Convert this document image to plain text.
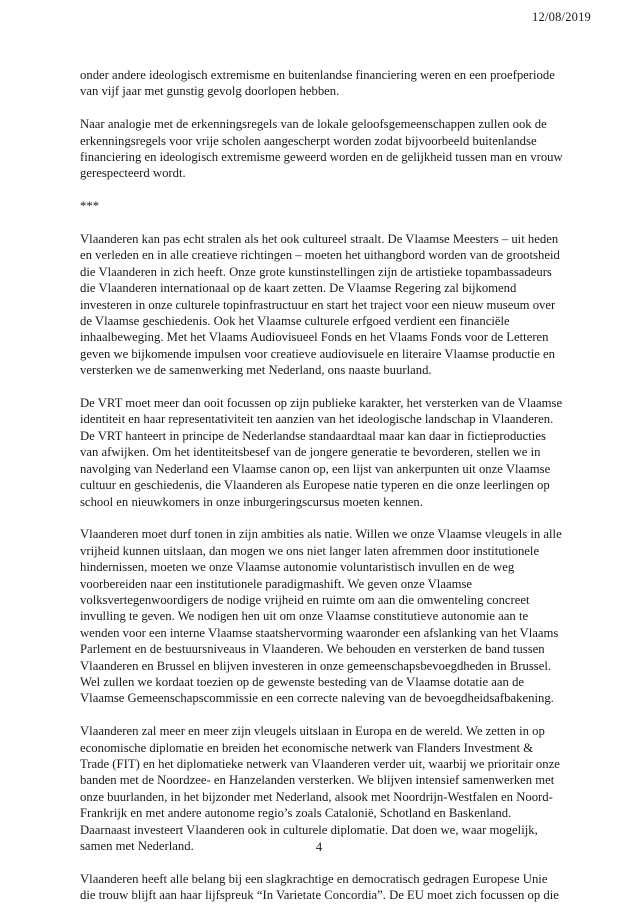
12/08/2019

onder andere ideologisch extremisme en buitenlandse financiering weren en een proefperiode van vijf jaar met gunstig gevolg doorlopen hebben.

Naar analogie met de erkenningsregels van de lokale geloofsgemeenschappen zullen ook de erkenningsregels voor vrije scholen aangescherpt worden zodat bijvoorbeeld buitenlandse financiering en ideologisch extremisme geweerd worden en de gelijkheid tussen man en vrouw gerespecteerd wordt.

***

Vlaanderen kan pas echt stralen als het ook cultureel straalt. De Vlaamse Meesters – uit heden en verleden en in alle creatieve richtingen – moeten het uithangbord worden van de grootsheid die Vlaanderen in zich heeft. Onze grote kunstinstellingen zijn de artistieke topambassadeurs die Vlaanderen internationaal op de kaart zetten. De Vlaamse Regering zal bijkomend investeren in onze culturele topinfrastructuur en start het traject voor een nieuw museum over de Vlaamse geschiedenis. Ook het Vlaamse culturele erfgoed verdient een financiële inhaalbeweging. Met het Vlaams Audiovisueel Fonds en het Vlaams Fonds voor de Letteren geven we bijkomende impulsen voor creatieve audiovisuele en literaire Vlaamse productie en versterken we de samenwerking met Nederland, ons naaste buurland.

De VRT moet meer dan ooit focussen op zijn publieke karakter, het versterken van de Vlaamse identiteit en haar representativiteit ten aanzien van het ideologische landschap in Vlaanderen. De VRT hanteert in principe de Nederlandse standaardtaal maar kan daar in fictieproducties van afwijken. Om het identiteitsbesef van de jongere generatie te bevorderen, stellen we in navolging van Nederland een Vlaamse canon op, een lijst van ankerpunten uit onze Vlaamse cultuur en geschiedenis, die Vlaanderen als Europese natie typeren en die onze leerlingen op school en nieuwkomers in onze inburgeringscursus moeten kennen.

Vlaanderen moet durf tonen in zijn ambities als natie. Willen we onze Vlaamse vleugels in alle vrijheid kunnen uitslaan, dan mogen we ons niet langer laten afremmen door institutionele hindernissen, moeten we onze Vlaamse autonomie voluntaristisch invullen en de weg voorbereiden naar een institutionele paradigmashift. We geven onze Vlaamse volksvertegenwoordigers de nodige vrijheid en ruimte om aan die omwenteling concreet invulling te geven. We nodigen hen uit om onze Vlaamse constitutieve autonomie aan te wenden voor een interne Vlaamse staatshervorming waaronder een afslanking van het Vlaams Parlement en de bestuursniveaus in Vlaanderen. We behouden en versterken de band tussen Vlaanderen en Brussel en blijven investeren in onze gemeenschapsbevoegdheden in Brussel. Wel zullen we kordaat toezien op de gewenste besteding van de Vlaamse dotatie aan de Vlaamse Gemeenschapscommissie en een correcte naleving van de bevoegdheidsafbakening.

Vlaanderen zal meer en meer zijn vleugels uitslaan in Europa en de wereld. We zetten in op economische diplomatie en breiden het economische netwerk van Flanders Investment & Trade (FIT) en het diplomatieke netwerk van Vlaanderen verder uit, waarbij we prioritair onze banden met de Noordzee- en Hanzelanden versterken. We blijven intensief samenwerken met onze buurlanden, in het bijzonder met Nederland, alsook met Noordrijn-Westfalen en Noord-Frankrijk en met andere autonome regio’s zoals Catalonië, Schotland en Baskenland. Daarnaast investeert Vlaanderen ook in culturele diplomatie. Dat doen we, waar mogelijk, samen met Nederland.

Vlaanderen heeft alle belang bij een slagkrachtige en democratisch gedragen Europese Unie die trouw blijft aan haar lijfspreuk “In Varietate Concordia”. De EU moet zich focussen op die

4
